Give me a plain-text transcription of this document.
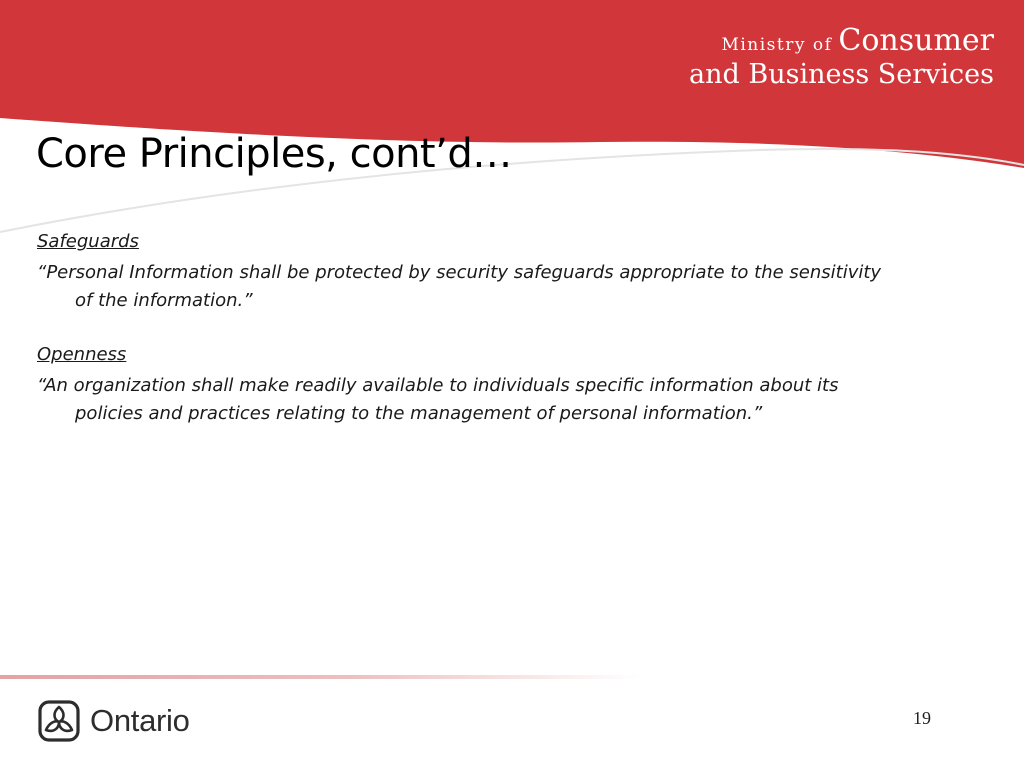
Ministry of Consumer
and Business Services
Core Principles, cont’d…
Safeguards
“Personal Information shall be protected by security safeguards appropriate to the sensitivity of the information.”
Openness
“An organization shall make readily available to individuals specific information about its policies and practices relating to the management of personal information.”
Ontario	19
